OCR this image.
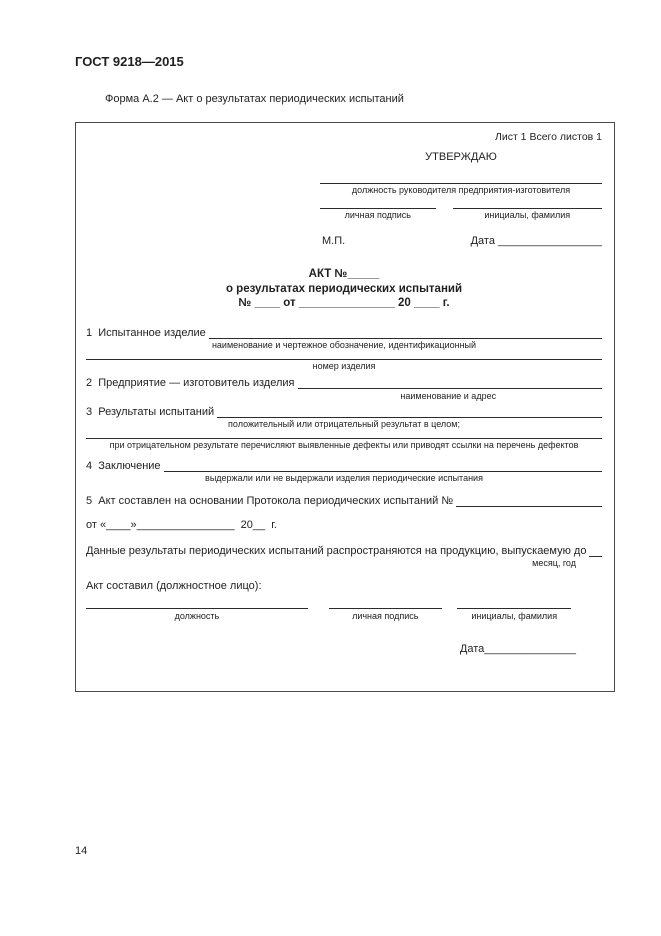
ГОСТ 9218—2015
Форма А.2 — Акт о результатах периодических испытаний
Лист 1 Всего листов 1
УТВЕРЖДАЮ
должность руководителя предприятия-изготовителя
личная подпись	инициалы, фамилия
М.П.	Дата _________________
АКТ №_____
о результатах периодических испытаний
№ ____ от _______________ 20 ____ г.
1  Испытанное изделие
наименование и чертежное обозначение, идентификационный
номер изделия
2  Предприятие — изготовитель изделия
наименование и адрес
3  Результаты испытаний
положительный или отрицательный результат в целом;
при отрицательном результате перечисляют выявленные дефекты или приводят ссылки на перечень дефектов
4  Заключение
выдержали или не выдержали изделия периодические испытания
5  Акт составлен на основании Протокола периодических испытаний №
от «____»________________  20__  г.
Данные результаты периодических испытаний распространяются на продукцию, выпускаемую до
месяц, год
Акт составил (должностное лицо):
должность	личная подпись	инициалы, фамилия
Дата_______________
14
